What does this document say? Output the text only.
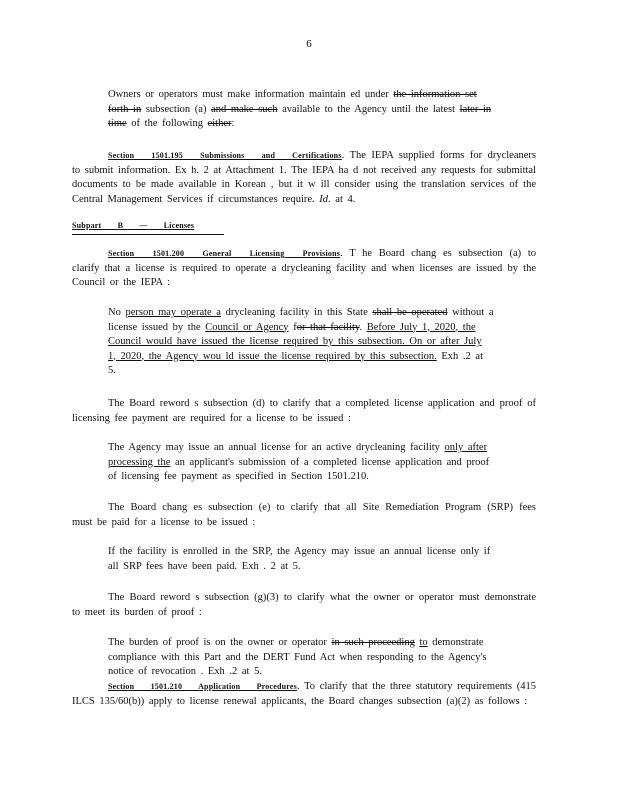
6
Owners or operators must make information maintain ed under the information set forth in subsection (a) and make such available to the Agency until the latest later in time of the following either:
Section 1501.195 Submissions and Certifications. The IEPA supplied forms for drycleaners to submit information. Ex h. 2 at Attachment 1. The IEPA ha d not received any requests for submittal documents to be made available in Korean , but it w ill consider using the translation services of the Central Management Services if circumstances require. Id. at 4.
Subpart B — Licenses
Section 1501.200 General Licensing Provisions. T he Board chang es subsection (a) to clarify that a license is required to operate a drycleaning facility and when licenses are issued by the Council or the IEPA :
No person may operate a drycleaning facility in this State shall be operated without a license issued by the Council or Agency for that facility. Before July 1, 2020, the Council would have issued the license required by this subsection. On or after July 1, 2020, the Agency wou ld issue the license required by this subsection. Exh .2 at 5.
The Board reword s subsection (d) to clarify that a completed license application and proof of licensing fee payment are required for a license to be issued :
The Agency may issue an annual license for an active drycleaning facility only after processing the an applicant's submission of a completed license application and proof of licensing fee payment as specified in Section 1501.210.
The Board chang es subsection (e) to clarify that all Site Remediation Program (SRP) fees must be paid for a license to be issued :
If the facility is enrolled in the SRP, the Agency may issue an annual license only if all SRP fees have been paid. Exh . 2 at 5.
The Board reword s subsection (g)(3) to clarify what the owner or operator must demonstrate to meet its burden of proof :
The burden of proof is on the owner or operator in such proceeding to demonstrate compliance with this Part and the DERT Fund Act when responding to the Agency's notice of revocation . Exh .2 at 5.
Section 1501.210 Application Procedures. To clarify that the three statutory requirements (415 ILCS 135/60(b)) apply to license renewal applicants, the Board changes subsection (a)(2) as follows :
